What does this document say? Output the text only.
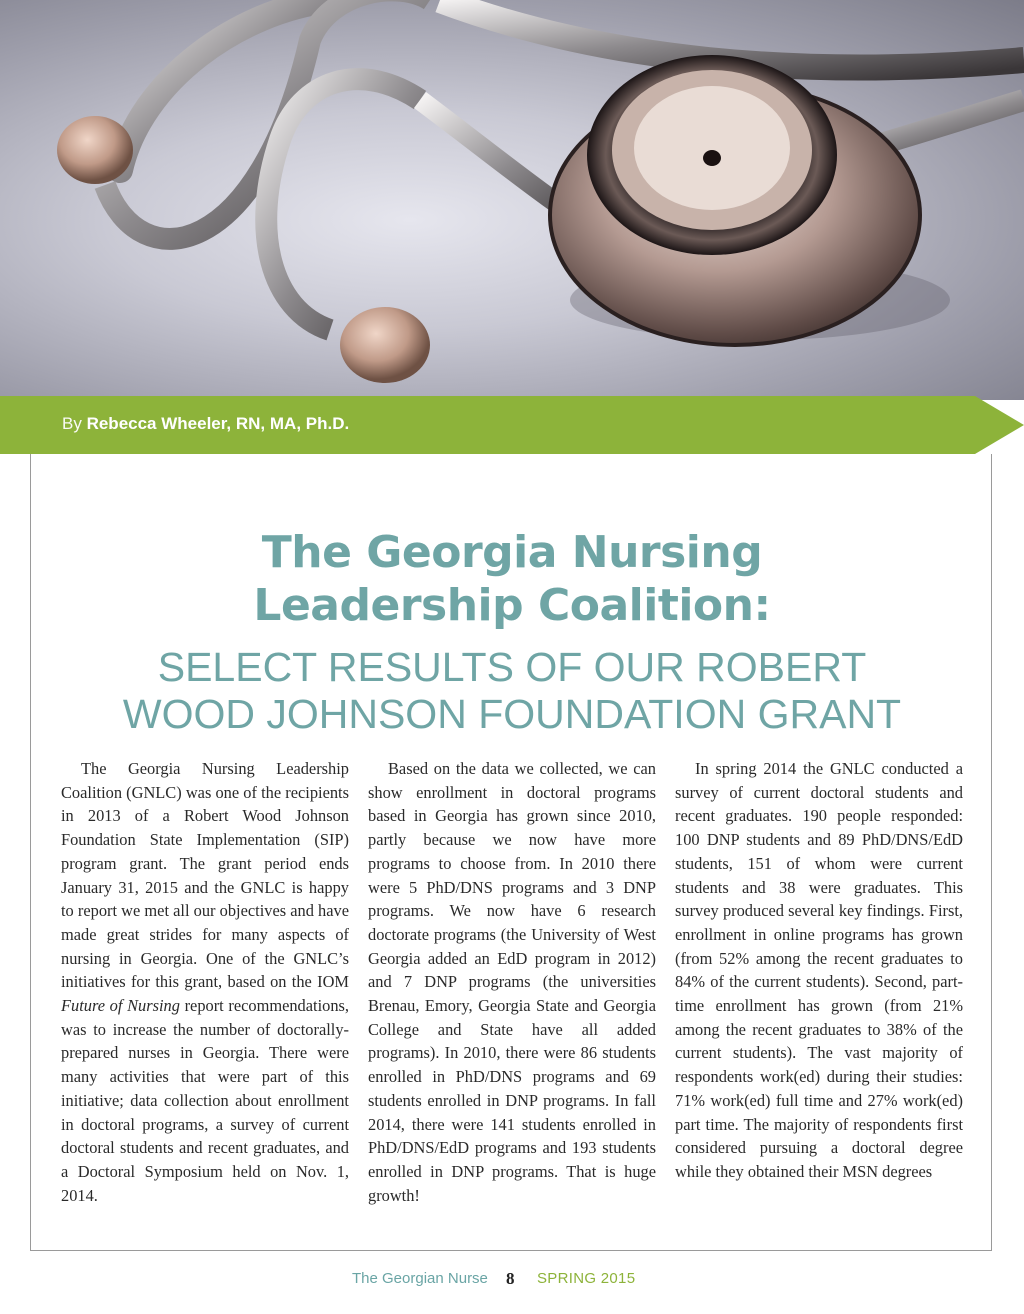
By Rebecca Wheeler, RN, MA, Ph.D.
The Georgia Nursing
Leadership Coalition:
SELECT RESULTS OF OUR ROBERT
WOOD JOHNSON FOUNDATION GRANT

The Georgia Nursing Leadership Coalition (GNLC) was one of the recipients in 2013 of a Robert Wood Johnson Foundation State Implementation (SIP) program grant. The grant period ends January 31, 2015 and the GNLC is happy to report we met all our objectives and have made great strides for many aspects of nursing in Georgia. One of the GNLC’s initiatives for this grant, based on the IOM Future of Nursing report recommendations, was to increase the number of doctorally-prepared nurses in Georgia. There were many activities that were part of this initiative; data collection about enrollment in doctoral programs, a survey of current doctoral students and recent graduates, and a Doctoral Symposium held on Nov. 1, 2014.

Based on the data we collected, we can show enrollment in doctoral programs based in Georgia has grown since 2010, partly because we now have more programs to choose from. In 2010 there were 5 PhD/DNS programs and 3 DNP programs. We now have 6 research doctorate programs (the University of West Georgia added an EdD program in 2012) and 7 DNP programs (the universities Brenau, Emory, Georgia State and Georgia College and State have all added programs). In 2010, there were 86 students enrolled in PhD/DNS programs and 69 students enrolled in DNP programs. In fall 2014, there were 141 students enrolled in PhD/DNS/EdD programs and 193 students enrolled in DNP programs. That is huge growth!

In spring 2014 the GNLC conducted a survey of current doctoral students and recent graduates. 190 people responded: 100 DNP students and 89 PhD/DNS/EdD students, 151 of whom were current students and 38 were graduates. This survey produced several key findings. First, enrollment in online programs has grown (from 52% among the recent graduates to 84% of the current students). Second, part-time enrollment has grown (from 21% among the recent graduates to 38% of the current students). The vast majority of respondents work(ed) during their studies: 71% work(ed) full time and 27% work(ed) part time. The majority of respondents first considered pursuing a doctoral degree while they obtained their MSN degrees

The Georgian Nurse 8 SPRING 2015
